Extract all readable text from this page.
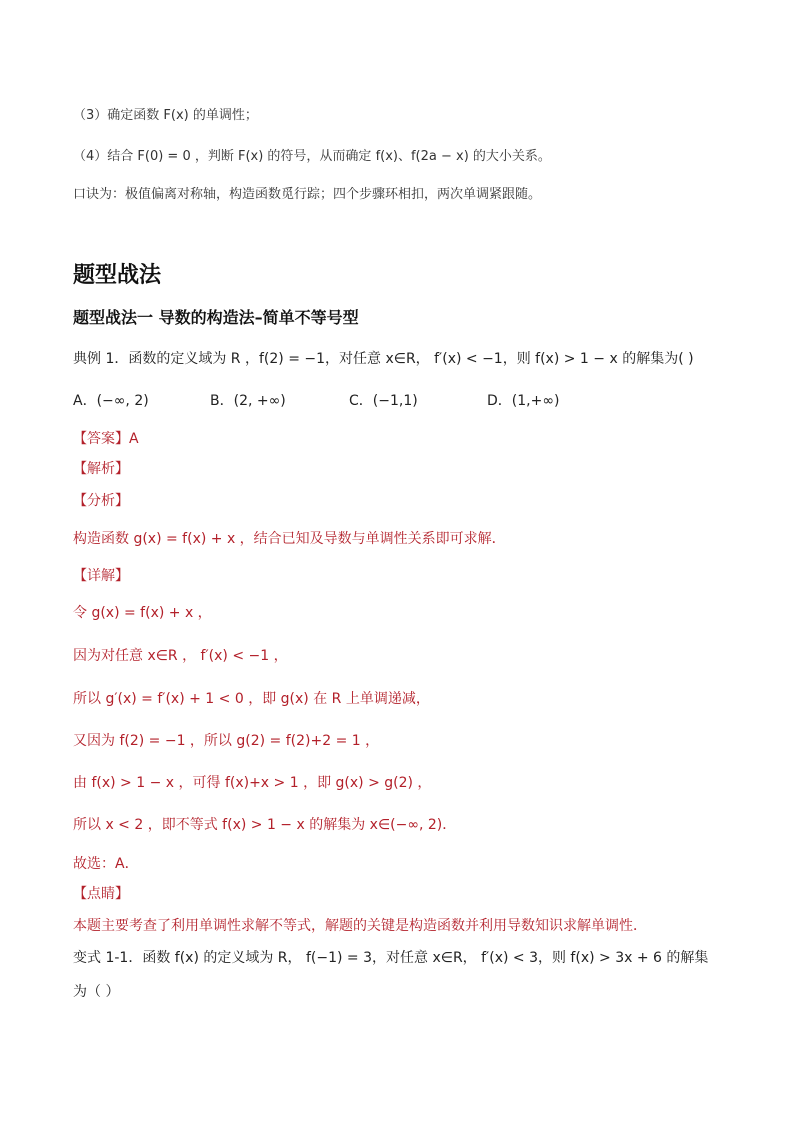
（3）确定函数 F(x) 的单调性；
（4）结合 F(0) = 0 ，判断 F(x) 的符号，从而确定 f(x)、f(2a − x) 的大小关系。
口诀为：极值偏离对称轴，构造函数觅行踪；四个步骤环相扣，两次单调紧跟随。
题型战法
题型战法一 导数的构造法–简单不等号型
典例 1．函数的定义域为 R ，f(2) = −1，对任意 x∈R， f′(x) < −1，则 f(x) > 1 − x 的解集为( )
A．(−∞, 2)	B．(2, +∞)	C．(−1,1)	D．(1,+∞)
【答案】A
【解析】
【分析】
构造函数 g(x) = f(x) + x ，结合已知及导数与单调性关系即可求解．
【详解】
令 g(x) = f(x) + x ，
因为对任意 x∈R ， f′(x) < −1 ，
所以 g′(x) = f′(x) + 1 < 0 ，即 g(x) 在 R 上单调递减，
又因为 f(2) = −1 ，所以 g(2) = f(2)+2 = 1 ，
由 f(x) > 1 − x ，可得 f(x)+x > 1 ，即 g(x) > g(2) ，
所以 x < 2 ，即不等式 f(x) > 1 − x 的解集为 x∈(−∞, 2)．
故选：A．
【点睛】
本题主要考查了利用单调性求解不等式，解题的关键是构造函数并利用导数知识求解单调性．
变式 1-1．函数 f(x) 的定义域为 R， f(−1) = 3，对任意 x∈R， f′(x) < 3，则 f(x) > 3x + 6 的解集
为（ ）
